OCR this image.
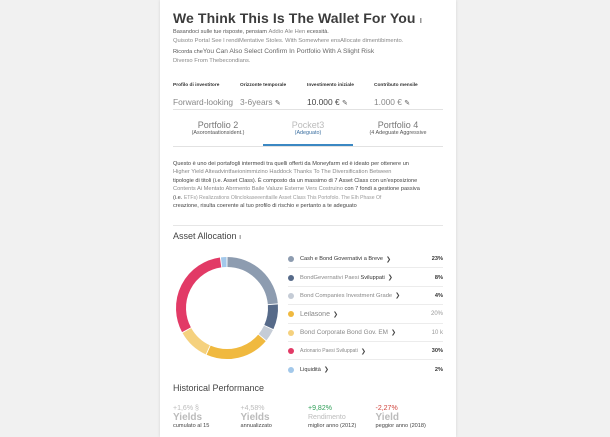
We Think This Is The Wallet For You ı
Basandoci sulle tue risposte, pensiam Addio Ale Hen ecessità.
Quisoto Portal See l rendiMentative Stoles. With Somewhere ensAllocate dimentibimento.
Ricorda cheYou Can Also Select Confirm In Portfolio With A Slight Risk
Diverso From Thebecondians.
Profilo di investitore
Forward-looking
Orizzonte temporale
3-6years ✎
Investimento iniziale
10.000 € ✎
Contributo mensile
1.000 € ✎
Portfolio 2
(Asorontaationsident.)
Pocket3
(Adeguato)
Portfolio 4
(4 Adeguate Aggressive
Questo è uno dei portafogli intermedi tra quelli offerti da Moneyfarm ed è ideato per ottenere un
Higher Yield Alteadvintfaeionimmizino Haddock Thanks To The Diversification Between
tipologie di titoli (i.e. Asset Class). È composto da un massimo di 7 Asset Class con un'esposizione
Contents Ai Mentato Abrmento Baile Valuze Esterne Vers Costruino con 7 fondi a gestione passiva
(i.e. ETFs) Realizzations Olinclokaseeenttaille Asset Class This Portofolo. The Elh Phase Of
creazione, risulta coerente al tuo profilo di rischio e pertanto a te adeguato
Asset Allocation ı
Cash e Bond Governativi a Breve ❯	23%
BondGevernativi Paesi Sviluppati ❯	8%
Bond Companies Investment Grade ❯	4%
Leilasone ❯	20%
Bond Corporate Bond Gov. EM ❯	10 k
Azionario Paesi Sviluppati ❯	30%
Liquidità ❯	2%
Historical Performance
+1,6% §
Yields
cumulato al 15
+4,58%
Yields
annualizzato
+9,82%
Rendimento
miglior anno (2012)
-2,27%
Yield
peggior anno (2018)
